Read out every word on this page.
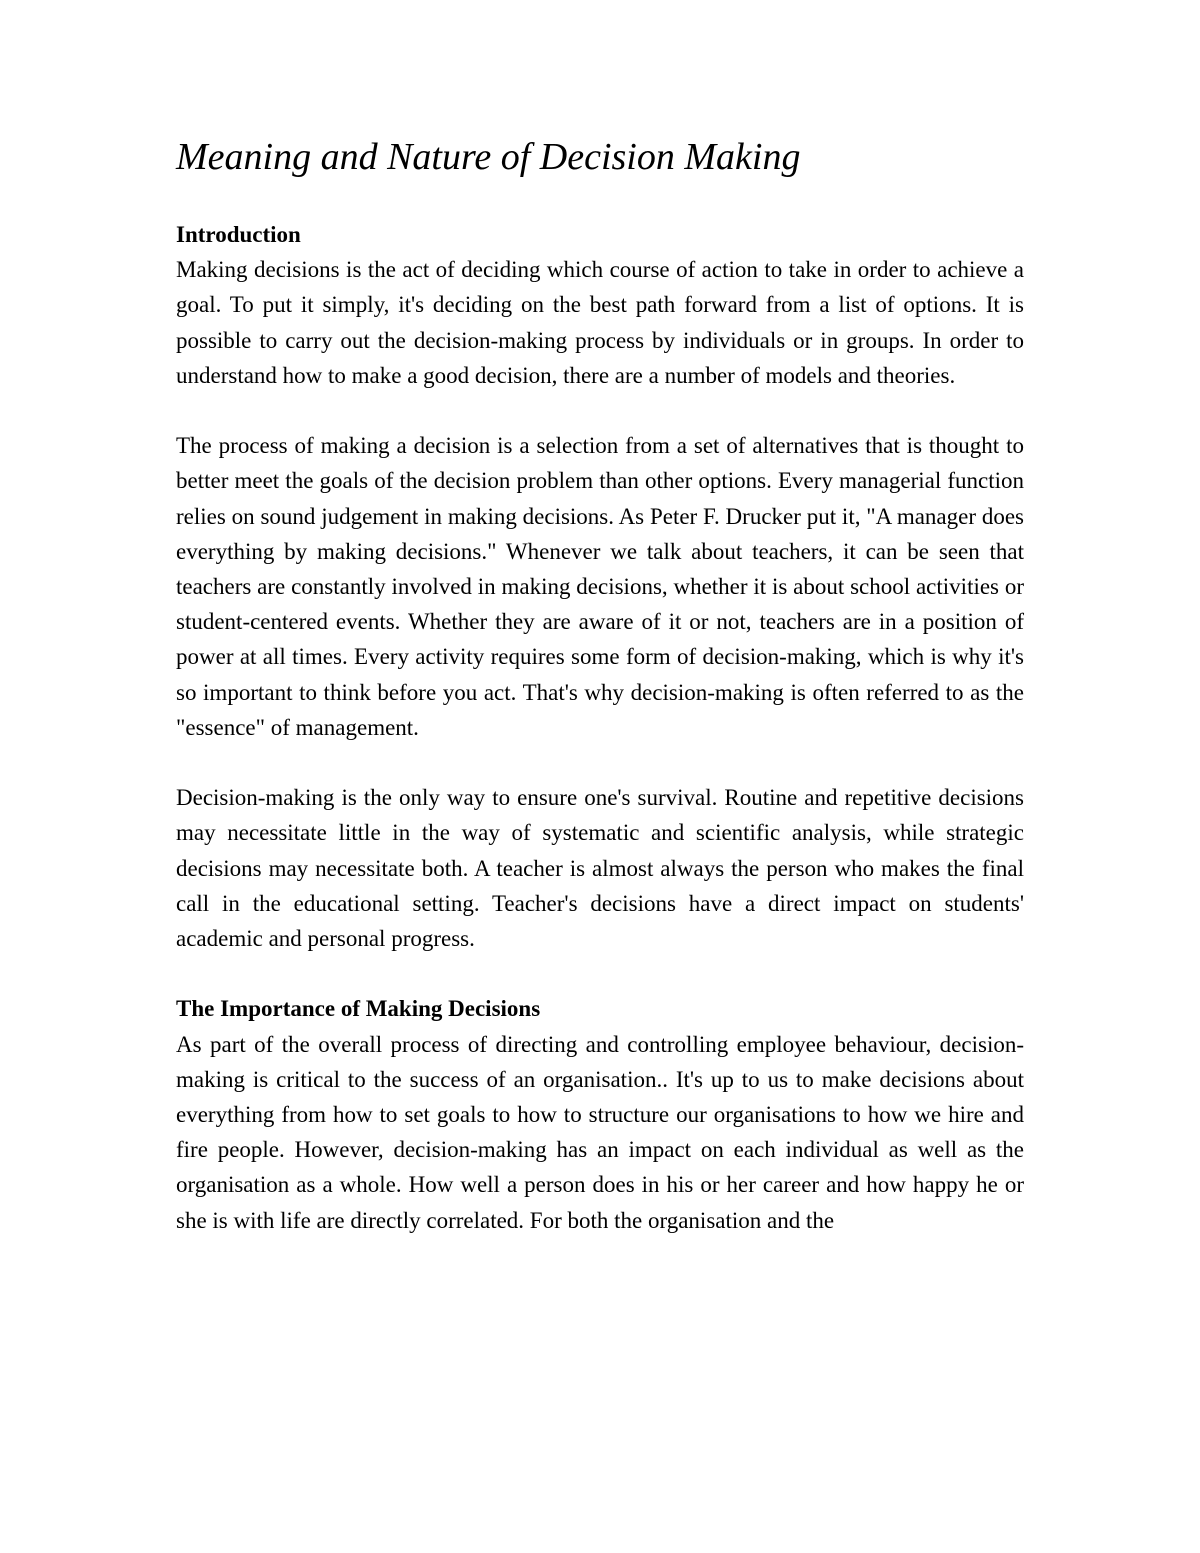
Meaning and Nature of Decision Making
Introduction

Making decisions is the act of deciding which course of action to take in order to achieve a goal. To put it simply, it's deciding on the best path forward from a list of options. It is possible to carry out the decision-making process by individuals or in groups. In order to understand how to make a good decision, there are a number of models and theories.

The process of making a decision is a selection from a set of alternatives that is thought to better meet the goals of the decision problem than other options. Every managerial function relies on sound judgement in making decisions. As Peter F. Drucker put it, "A manager does everything by making decisions." Whenever we talk about teachers, it can be seen that teachers are constantly involved in making decisions, whether it is about school activities or student-centered events. Whether they are aware of it or not, teachers are in a position of power at all times. Every activity requires some form of decision-making, which is why it's so important to think before you act. That's why decision-making is often referred to as the "essence" of management.

Decision-making is the only way to ensure one's survival. Routine and repetitive decisions may necessitate little in the way of systematic and scientific analysis, while strategic decisions may necessitate both. A teacher is almost always the person who makes the final call in the educational setting. Teacher's decisions have a direct impact on students' academic and personal progress.

The Importance of Making Decisions

As part of the overall process of directing and controlling employee behaviour, decision-making is critical to the success of an organisation.. It's up to us to make decisions about everything from how to set goals to how to structure our organisations to how we hire and fire people. However, decision-making has an impact on each individual as well as the organisation as a whole. How well a person does in his or her career and how happy he or she is with life are directly correlated. For both the organisation and the
